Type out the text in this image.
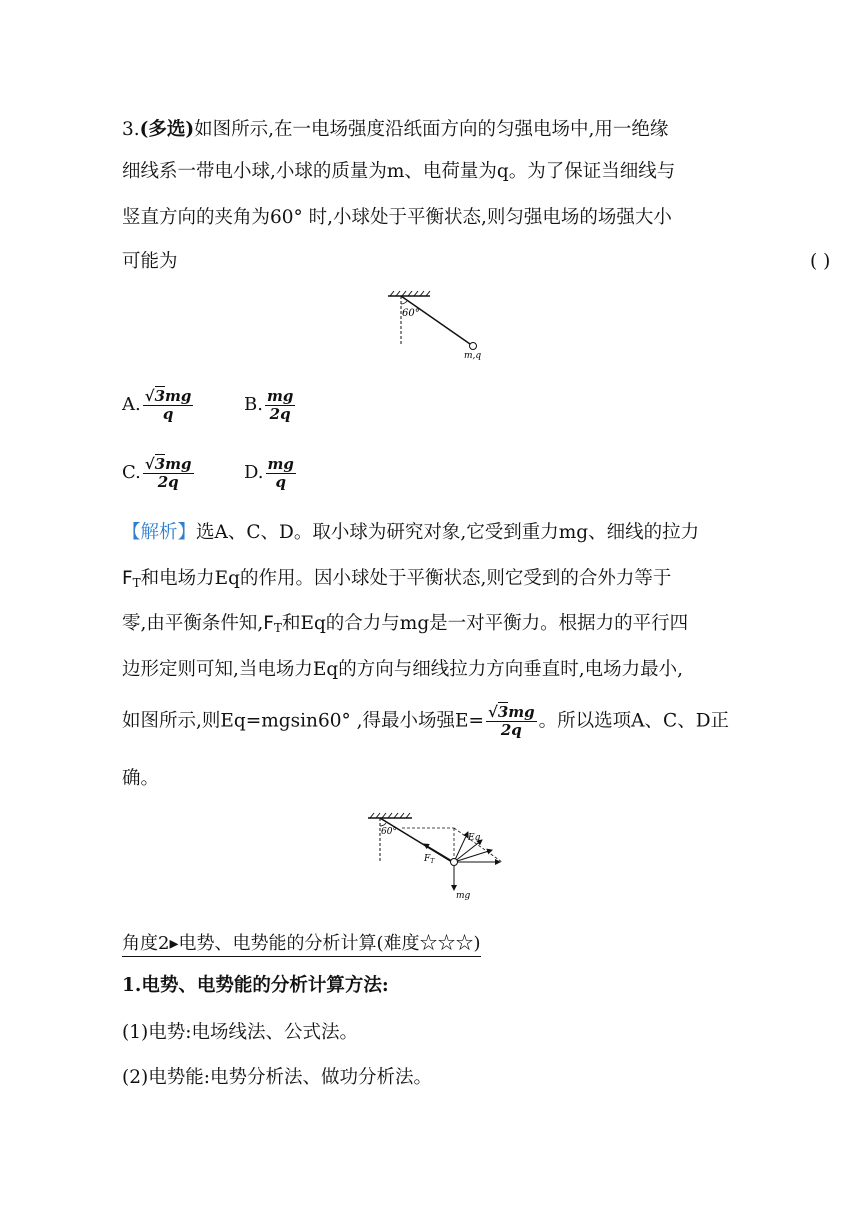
3.(多选)如图所示,在一电场强度沿纸面方向的匀强电场中,用一绝缘
细线系一带电小球,小球的质量为m、电荷量为q。为了保证当细线与
竖直方向的夹角为60° 时,小球处于平衡状态,则匀强电场的场强大小
可能为	( )
60°
m,q
A. $\frac{√3mg}{q}$	B. $\frac{mg}{2q}$
C. $\frac{√3mg}{2q}$	D. $\frac{mg}{q}$
【解析】选A、C、D。取小球为研究对象,它受到重力mg、细线的拉力
$F_T$和电场力Eq的作用。因小球处于平衡状态,则它受到的合外力等于
零,由平衡条件知$,F_T$和Eq的合力与mg是一对平衡力。根据力的平行四
边形定则可知,当电场力Eq的方向与细线拉力方向垂直时,电场力最小,
如图所示,则Eq=mgsin60° ,得最小场强$E= \frac{√3mg}{2q}$ 。所以选项A、C、D正
确。
60°
Eq
$F_T$
mg
角度2▸电势、电势能的分析计算(难度☆☆☆)
1.电势、电势能的分析计算方法:
(1)电势:电场线法、公式法。
(2)电势能:电势分析法、做功分析法。
